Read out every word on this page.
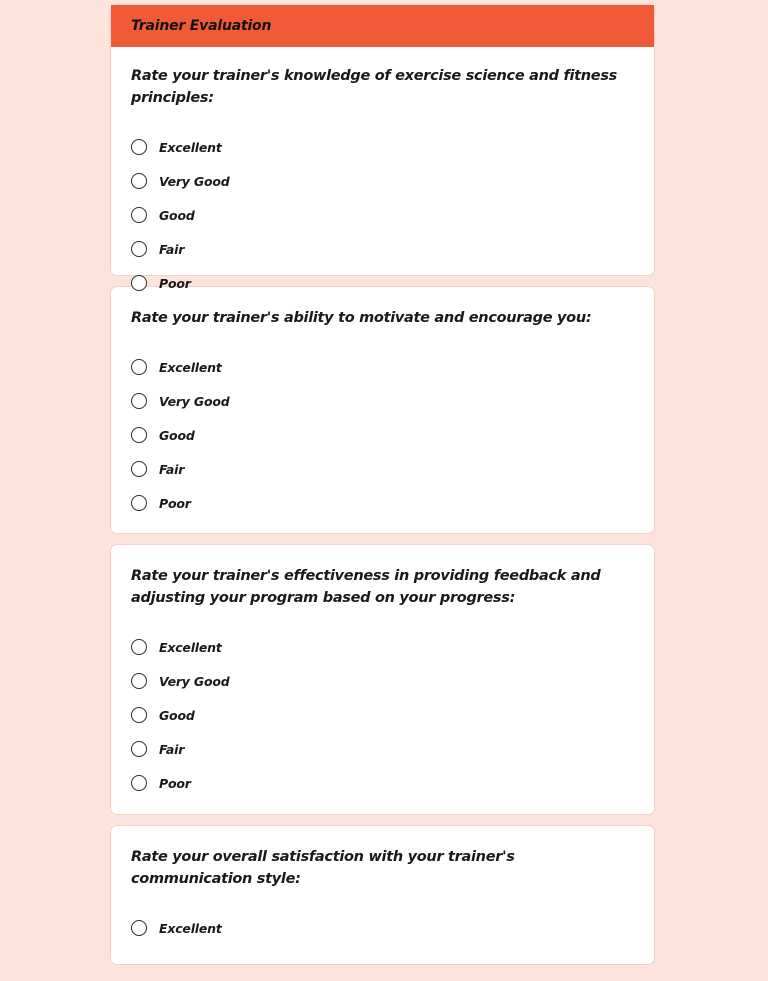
Trainer Evaluation

Rate your trainer's knowledge of exercise science and fitness principles:

Excellent
Very Good
Good
Fair
Poor

Rate your trainer's ability to motivate and encourage you:

Excellent
Very Good
Good
Fair
Poor

Rate your trainer's effectiveness in providing feedback and adjusting your program based on your progress:

Excellent
Very Good
Good
Fair
Poor

Rate your overall satisfaction with your trainer's communication style:

Excellent
